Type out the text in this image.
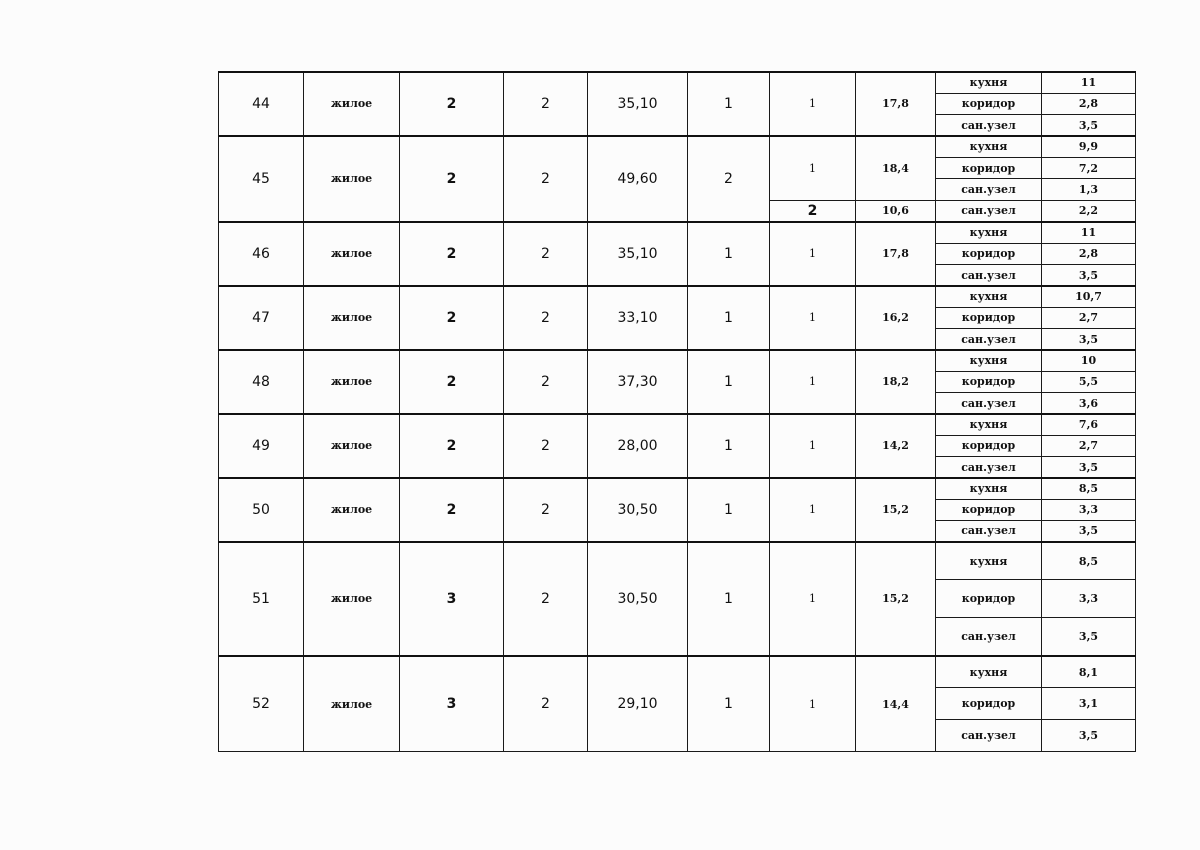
44	жилое	2	2	35,10	1	1	17,8	кухня	11
								коридор	2,8
								сан.узел	3,5
45	жилое	2	2	49,60	2	1	18,4	кухня	9,9
								коридор	7,2
								сан.узел	1,3
						2	10,6	сан.узел	2,2
46	жилое	2	2	35,10	1	1	17,8	кухня	11
								коридор	2,8
								сан.узел	3,5
47	жилое	2	2	33,10	1	1	16,2	кухня	10,7
								коридор	2,7
								сан.узел	3,5
48	жилое	2	2	37,30	1	1	18,2	кухня	10
								коридор	5,5
								сан.узел	3,6
49	жилое	2	2	28,00	1	1	14,2	кухня	7,6
								коридор	2,7
								сан.узел	3,5
50	жилое	2	2	30,50	1	1	15,2	кухня	8,5
								коридор	3,3
								сан.узел	3,5
51	жилое	3	2	30,50	1	1	15,2	кухня	8,5
								коридор	3,3
								сан.узел	3,5
52	жилое	3	2	29,10	1	1	14,4	кухня	8,1
								коридор	3,1
								сан.узел	3,5
